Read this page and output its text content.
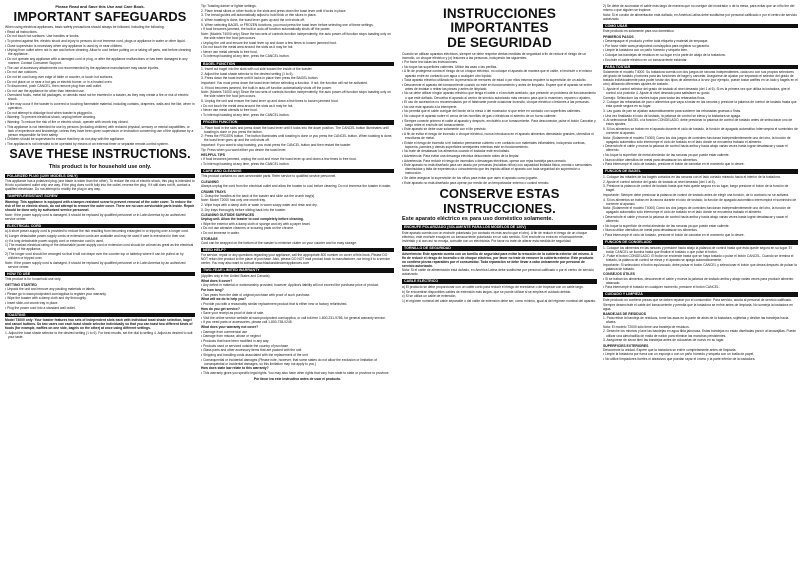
Please Read and Save this Use and Care Book.
IMPORTANT SAFEGUARDS

When using electrical appliances, basic safety precautions should always be followed, including the following:

• Read all instructions.

• Do not touch hot surfaces. Use handles or knobs.

• To protect against fire, electric shock and injury to persons do not immerse cord, plugs or appliance in water or other liquid.

• Close supervision is necessary when any appliance is used by or near children.

• Unplug from outlet when not in use and before cleaning. Allow to cool before putting on or taking off parts, and before cleaning the appliance.

• Do not operate any appliance with a damaged cord or plug, or after the appliance malfunctions or has been damaged in any manner. Contact Consumer Support.

• The use of accessory attachments not recommended by the appliance manufacturer may cause injuries.

• Do not use outdoors.

• Do not let cord hang over edge of table or counter, or touch hot surfaces.

• Do not place on or near a hot gas or electric burner, or in a heated oven.

• To disconnect, push CANCEL, then remove plug from wall outlet.

• Do not use the appliance for other than intended use.

• Oversized foods, metal foil packages, or utensils must not be inserted in a toaster, as they may create a fire or risk of electric shock.

• A fire may occur if the toaster is covered or touching flammable material, including curtains, draperies, walls and the like, when in operation.

• Do not attempt to dislodge food when toaster is plugged in.

• Warning: To prevent electrical shock, unplug before cleaning.

• Warning: To reduce the risk of fire or electric shock, operate with crumb tray closed.

• This appliance is not intended for use by persons (including children) with reduced physical, sensory or mental capabilities, or lack of experience and knowledge, unless they have been given supervision or instruction concerning use of the appliance by a person responsible for their safety.

• Children should be supervised to ensure that they do not play with the appliance.

• The appliance is not intended to be operated by means of an external timer or separate remote-control system.

SAVE THESE INSTRUCTIONS.
This product is for household use only.
POLARIZED PLUG (120V MODELS ONLY)

This appliance has a polarized plug (one blade is wider than the other). To reduce the risk of electric shock, this plug is intended to fit into a polarized outlet only one way. If the plug does not fit fully into the outlet, reverse the plug. If it still does not fit, contact a qualified electrician. Do not attempt to modify the plug in any way.

TAMPER-RESISTANT SCREW

Warning: This appliance is equipped with a tamper-resistant screw to prevent removal of the outer cover. To reduce the risk of fire or electric shock, do not attempt to remove the outer cover. There are no user-serviceable parts inside. Repair should be done only by authorized service personnel.

Note: If the power supply cord is damaged, it should be replaced by qualified personnel or in Latin America by an authorized service center.

ELECTRICAL CORD

a) A short power-supply cord is provided to reduce the risk resulting from becoming entangled in or tripping over a longer cord.

b) Longer detachable power-supply cords or extension cords are available and may be used if care is exercised in their use.

c) If a long detachable power-supply cord or extension cord is used,

1) The marked electrical rating of the detachable power-supply cord or extension cord should be at least as great as the electrical rating of the appliance,

2) The longer cord should be arranged so that it will not drape over the counter top or tabletop where it can be pulled on by children or tripped over.

Note: If the power supply cord is damaged, it should be replaced by qualified personnel or in Latin America by an authorized service center.

HOW TO USE

This product is for household use only.

GETTING STARTED

• Unpack the unit and remove any packing materials or labels.

• Please go to www.prodprotect.com/applica to register your warranty.

• Wipe the toaster with a damp cloth and dry thoroughly.

• Insert slide-out crumb tray in place.

• Plug the power cord into a standard wall outlet.

TOASTING

Model T4000 only: Your toaster features two sets of independent slots each with individual toast shade selection, bagel and cancel buttons. So two users can each toast shade selector individually so that you can toast two different kinds of foods (for example, waffles on one side, bagels on the other) at once using different settings.

1. Adjust the toast shade selector to the desired setting (1 to 6). For best results, set the dial to setting 4. Adjust as desired to suit your taste.

Tip: Toasting darker or lighter settings.

2. Place bread slices or other foods in the slots and press down the toast lever until it locks in place.

3. The bread guides will automatically adjust to hold thick or thin slices in place.

4. When toasting is done, the toast lever goes up and the unit shuts off.

5. When selecting BAGEL or FROZEN functions, you must press the toast lever before selecting one of these settings.

• If food becomes jammed, the built-in auto-off function automatically shuts off the power.

Note: (Models T4000 only) Since the two sets of controls function independently, the auto power-off function stops toasting only on the side where the food jam occurs.

• Unplug the unit and ensure the toast lever up and down a few times to loosen jammed food.

• Do not touch the metal area around the slots as it may be hot.

• Never use metal utensils to free food.

• To interrupt toasting at any time, press the CANCEL button.

BAGEL FUNCTION

1. Insert cut bagel into the slots with cut side toward the inside of the toaster.

2. Adjust the toast shade selector to the desired setting (1 to 6).

3. Press down the toast lever until it locks in place then press the BAGEL button.

Important: You must press down the toast lever before selecting a function. If not, the function will not be activated.

4. If food becomes jammed, the built-in auto-off function automatically shuts off the power.

Note: (Models T4000 only) Since the two sets of controls function independently, the auto power-off function stops toasting only on the side where the food jam occurs.

5. Unplug the unit and ensure the toast lever up and down a few times to loosen jammed food.

• Do not touch the metal area around the slots as it may be hot.

• Never use metal utensils to free food.

• To interrupt toasting at any time, press the CANCEL button.

FROZEN FUNCTION

1. Place food in the slots and press down the toast lever until it locks into the down position. The CANCEL button illuminates until toasting is done or you press the button.

2. Press the FROZEN button. The button illuminates until toasting is done or you press the CANCEL button. When toasting is done, the toast lever goes up and the unit shuts off.

Important: If you want to stop toasting, you must press the CANCEL button and then restart the toaster.

Tip: Press when you want either you desire the toast lever.

HELPFUL TIPS

• If food becomes jammed, unplug the cord and move the toast lever up and down a few times to free food.

• To interrupt toasting at any time, press the CANCEL button.

CARE AND CLEANING

This product contains no user-serviceable parts. Refer service to qualified service personnel.

CLEANING

Always unplug the cord from the electrical outlet and allow the toaster to cool before cleaning. Do not immerse the toaster in water.

CRUMB TRAYS

1. Grasp the handles at the back of the toaster and slide out the crumb tray(s).

Note: Model T2000 has only one crumb tray.

2. Wipe trays with a damp cloth or wash in warm soapy water and rinse and dry.

3. Dry trays thoroughly before sliding back into the toaster.

CLEANING OUTSIDE SURFACES

Unplug unit. Allow the toaster to cool completely before cleaning.

• Wipe the exterior with a damp cloth or sponge and dry with a paper towel.

• Do not use abrasive cleaners or scouring pads on the chrome.

• Do not immerse in water.

STORAGE

Cord can be wrapped on the bottom of the toaster to minimize clutter on your counter and for easy storage.

NEED HELP?

For service, repair or any questions regarding your appliance, call the appropriate 800 number on cover of this book. Please DO NOT return the product to the place of purchase. Also, please DO NOT mail product back to manufacturer, nor bring it to a service center. You may also want to consult www.blackanddeckerappliances.com

TWO-YEAR LIMITED WARRANTY

(Applies only in the United States and Canada)

What does it cover?

• Any defect in material or workmanship provided; however, Applica's liability will not exceed the purchase price of product.

For how long?

• Two years from the date of original purchase with proof of such purchase.

What will we do to help you?

• Provide you with a reasonably similar replacement product that is either new or factory refurbished.

How do you get service?

• Save your receipt as proof of date of sale.

• Visit the online service website at www.prodprotect.com/applica, or call toll-free 1-800-231-9786, for general warranty service.

• If you need parts or accessories, please call 1-800-738-0245.

What does your warranty not cover?

• Damage from commercial use

• Damage from misuse, abuse or neglect

• Products that have been modified in any way

• Products used or serviced outside the country of purchase

• Glass parts and other accessory items that are packed with the unit

• Shipping and handling costs associated with the replacement of the unit

• Consequential or incidental damages (Please note, however, that some states do not allow the exclusion or limitation of consequential or incidental damages, so this limitation may not apply to you.)

How does state law relate to this warranty?

• This warranty gives you specific legal rights. You may also have other rights that vary from state to state or province to province.

Por favor lea este instructivo antes de usar el producto.
INSTRUCCIONES IMPORTANTES
DE SEGURIDAD

Cuando se utilizan aparatos eléctricos, siempre se debe respetar ciertas medidas de seguridad a fin de reducir el riesgo de un incendio, un choque eléctrico y (o) lesiones a las personas, incluyendo las siguientes:

• Por favor lea todas las instrucciones.

• No toque las superficies calientes. Utilice las asas o las perillas.

• A fin de protegerse contra el riesgo de un choque eléctrico, no coloque el aparato de manera que el cable, el enchufe o el mismo aparato entre en contacto con agua o cualquier otro líquido.

• Toda aparato eléctrico utilizado en la presencia de menores de edad o por ellos mismos requiere la supervisión de un adulto.

• Desconecte el aparato del tomacorriente cuando no esté en funcionamiento y antes de limpiarlo. Espere que el aparato se enfríe antes de instalar o retirar las piezas y antes de limpiarlo.

• No se debe utilizar ningún aparato eléctrico que tenga el cable o el enchufe averiado, que presente un problema de funcionamiento o que esté dañado. Devuelva el aparato al centro de servicio autorizado más cercano para que lo examinen, reparen o ajusten.

• El uso de accesorios no recomendados por el fabricante puede ocasionar incendio, choque eléctrico o lesiones a las personas.

• No use este aparato a la intemperie.

• No permita que el cable cuelgue del borde de la mesa o del mostrador ni que entre en contacto con superficies calientes.

• No coloque el aparato sobre ni cerca de las hornillas de gas o eléctricas ni adentro de un horno caliente.

• Siempre conecte primero el cable al aparato y después, enchúfelo a un tomacorriente. Para desconectar, pulse el botón Cancelar y luego retire el enchufe del tomacorriente.

• Este aparato se debe usar solamente con el fin previsto.

• A fin de evitar el riesgo de incendio o choque eléctrico, nunca introduzca en el aparato alimentos demasiado grandes, utensilios ni envolturas de metal.

• Existe el riesgo de incendio si el tostador permanece cubierto o en contacto con materiales inflamables, incluyendo cortinas, tapicería, paredes y demás superficies semejantes mientras esté en funcionamiento.

• No trate de desatascar los alimentos cuando el tostador esté enchufado.

• Advertencia: Para evitar una descarga eléctrica desconecte antes de la limpiar.

• Advertencia: Para reducir el riesgo de incendios o descargas eléctricas, operar con rejas bandeja para cerrado.

• Este aparato no está diseñado para ser usado por personas (incluidas niños) con capacidad limitada física, mental o sensoriales disminuidas y falta de experiencia o conocimiento que les impida utilizar el aparato con toda seguridad sin supervisión o instrucción.

• Se debe asegurar la supervisión de los niños para evitar que usen el aparato como juguete.

• Este aparato no está diseñado para operar por medio de un temporizador externo o control remoto.

CONSERVE ESTAS
INSTRUCCIONES.
Este aparato eléctrico es para uso doméstico solamente.
ENCHUFE POLARIZADO (SOLAMENTE PARA LOS MODELOS DE 120V)

Este aparato cuenta con un enchufe polarizado (un contacto es más ancho que el otro). A fin de reducir el riesgo de un choque eléctrico, este enchufe encaja en un tomacorriente polarizado en un solo sentido. Si el enchufe no entra en el tomacorriente, inviértalo y si aun así no encaja, consulte con un electricista. Por favor no trate de alterar esta medida de seguridad.

TORNILLO DE SEGURIDAD

Advertencia: Este aparato cuenta con un tornillo de seguridad para evitar la remoción de la cubierta exterior del mismo. A fin de reducir el riesgo de incendio o de choque eléctrico, por favor no trate de remover la cubierta exterior. Este producto no contiene piezas reparables por el consumidor. Toda reparación se debe llevar a cabo únicamente por personal de servicio autorizado.

Nota: Si el cable de alimentación está dañado, en América Latina debe sustituirse por personal calificado o por el centro de servicio autorizado.

CABLE ELÉCTRICO

a) El producto se debe proporcionar con un cable corto para reducir el riesgo de enredarse o de tropezar con un cable largo.

b) Se encuentran disponibles cables de extensión más largos, que se puede utilizar si se emplea el cuidado debido.

c) Si se utiliza un cable de extensión,

1) el régimen nominal del cable separable o del cable de extensión debe ser, como mínimo, igual al del régimen nominal del aparato.

2) Se debe de acomodar el cable más largo de manera que no cuelgue del mostrador o de la mesa, para evitar que un niño tire del mismo o que alguien se tropiece.

Nota: Si el cordón de alimentación está dañado, en América Latina debe sustituirse por personal calificado o por el centro de servicio autorizado.

CÓMO USAR

Este producto es solamente para uso doméstico.

PRIMEROS PASOS

• Desempaque el producto y retire toda etiqueta y material de empaque.

• Por favor visite www.prodprotect.com/applica para registrar su garantía.

• Limpie la tostadora con un paño húmedo y séquela bien.

• Coloque las bandejas de residuos en su lugar en la parte de abajo de la tostadora.

• Enchufe el cable eléctrico en un tomacorriente estándar.

PARA TOSTAR

Solamente el modelo T4000: Su tostadora cuenta con dos juegos de ranuras independientes, cada uno con sus propios selectores del grado de tostado y botones para las funciones de bagel y cancelar. Asegúrese de ajustar por separado el selector del grado de tostado individualmente para poder tostar dos tipos de alimentos a la vez (por ejemplo, puede tostar waffles en un lado y bagels en el otro) utilizando diferentes ajustes de tostado.

1. Ajuste el control selector del grado de tostado al nivel deseado (del 1 al 6). Si es la primera vez que utiliza la tostadora, gire el control a la posición 4. Ajuste al nivel deseado para satisfacer su gusto.

Consejo: Seleccione los niveles bajos para tostar las rebanadas finas.

2. Coloque las rebanadas de pan o alimentos que vaya a tostar en las ranuras y presione la palanca de control de tostado hasta que ésta quede segura en su lugar.

3. Las guías de pan se ajustan automáticamente para sostener las rebanadas gruesas o finas.

• Una vez finalizado el ciclo de tostado, la palanca de control se eleva y la tostadora se apaga.

4. Al seleccionar BAGEL o la función CONGELADO, debe presionar la palanca de control de tostado antes de seleccionar uno de estos ajustes.

5. Si los alimentos se traban en el aparato durante el ciclo de tostado, la función de apagado automático interrumpirá el suministro de corriente al aparato.

Nota: (Solamente el modelo T4000) Como los dos juegos de controles funcionan independientemente uno del otro, la función de apagado automático sólo interrumpe el ciclo de tostado en el lado donde se encuentra trabado el alimento.

• Desenchufe el cable y mueva la palanca de control hacia arriba y hacia abajo varias veces hasta lograr desatascar y sacar el alimento.

• No toque la superficie de metal alrededor de las ranuras ya que puede estar caliente.

• Nunca utilice utensilios de metal para desatascar los alimentos.

• Para interrumpir el ciclo de tostado, presione el botón de cancelar en el momento que lo desee.

FUNCIÓN DE BAGEL

1. Coloque las mitades de los bagels cortados en las ranuras con el lado cortado mirando hacia el interior de la tostadora.

2. Ajuste el control selector del grado de tostado al nivel deseado (del 1 al 6).

3. Presione la palanca de control de tostado hasta que ésta quede segura en su lugar, luego presione el botón de la función de bagel.

Importante: Siempre debe presionar la palanca de control de tostado antes de elegir una función, de lo contrario no se activará.

4. Si los alimentos se traban en la ranura durante el ciclo de tostado, la función de apagado automático interrumpirá el suministro de corriente al aparato.

Nota: (Solamente el modelo T4000) Como los dos juegos de controles funcionan independientemente uno del otro, la función de apagado automático sólo interrumpe el ciclo de tostado en el lado donde se encuentra trabado el alimento.

• Desenchufe el cable y mueva la palanca de control hacia arriba y hacia abajo varias veces hasta lograr desatascar y sacar el alimento.

• No toque la superficie de metal alrededor de las ranuras ya que puede estar caliente.

• Nunca utilice utensilios de metal para desatascar los alimentos.

• Para interrumpir el ciclo de tostado, presione el botón de cancelar en el momento que lo desee.

FUNCIÓN DE CONGELADO

1. Coloque los alimentos en las ranuras y presione hacia abajo la palanca de control hasta que ésta quede segura en su lugar. El botón CANCEL se ilumina hasta que finalice el tostado o que pulse el botón.

2. Pulse el botón CONGELADO. El botón se enciende hasta que se haya tostado o pulse el botón CANCEL. Cuando se termina el tostado, la palanca de control se eleva y el aparato se apaga automáticamente.

Importante: Si seleccionó el botón equivocado, debe pulsar el botón CANCEL y seleccionar el botón que desea después de pulsar la palanca de tostado.

CONSEJOS ÚTILES

• Si se traban los alimentos, desconecte el cable y mueva la palanca de tostado arriba y abajo varias veces para producir alimento atascado.

• Para interrumpir el tostado en cualquier momento, presione el botón CANCEL.

CUIDADO Y LIMPIEZA

Este producto no contiene piezas que se deben reparar por el consumidor. Para servicio, acuda al personal de servicio calificado.

Siempre desenchufe el cable del tomacorriente y permita que la tostadora se enfríe antes de limpiarla. No sumerja la tostadora en agua.

BANDEJAS DE RESIDUOS

1. Para retirar la bandeja de residuos, tome las asas en la parte de atrás de la tostadora, sujételas y deslice las bandejas hacia afuera.

Nota: El modelo T2000 sólo tiene una bandeja de residuos.

2. Deseche los mismos y lave las bandejas en agua tibia jabonosa. Estas bandejas no están diseñadas para ir al lavavajillas. Puede utilizar una almohadilla de malla de nailon para eliminar las manchas persistentes.

3. Asegúrese de secar bien las bandejas antes de colocarlas de nuevo en su lugar.

SUPERFICIES EXTERIORES

Desconecte la unidad. Espere que la tostadora se enfríe completamente antes de limpiarla.

• Limpie la tostadora por fuera con un esponja o con un paño húmedo y séquela con un toalla de papel.

• No utilice limpiadores fuertes ni abrasivos que puedan rayar el cromo y la parte inferior de la tostadora.
